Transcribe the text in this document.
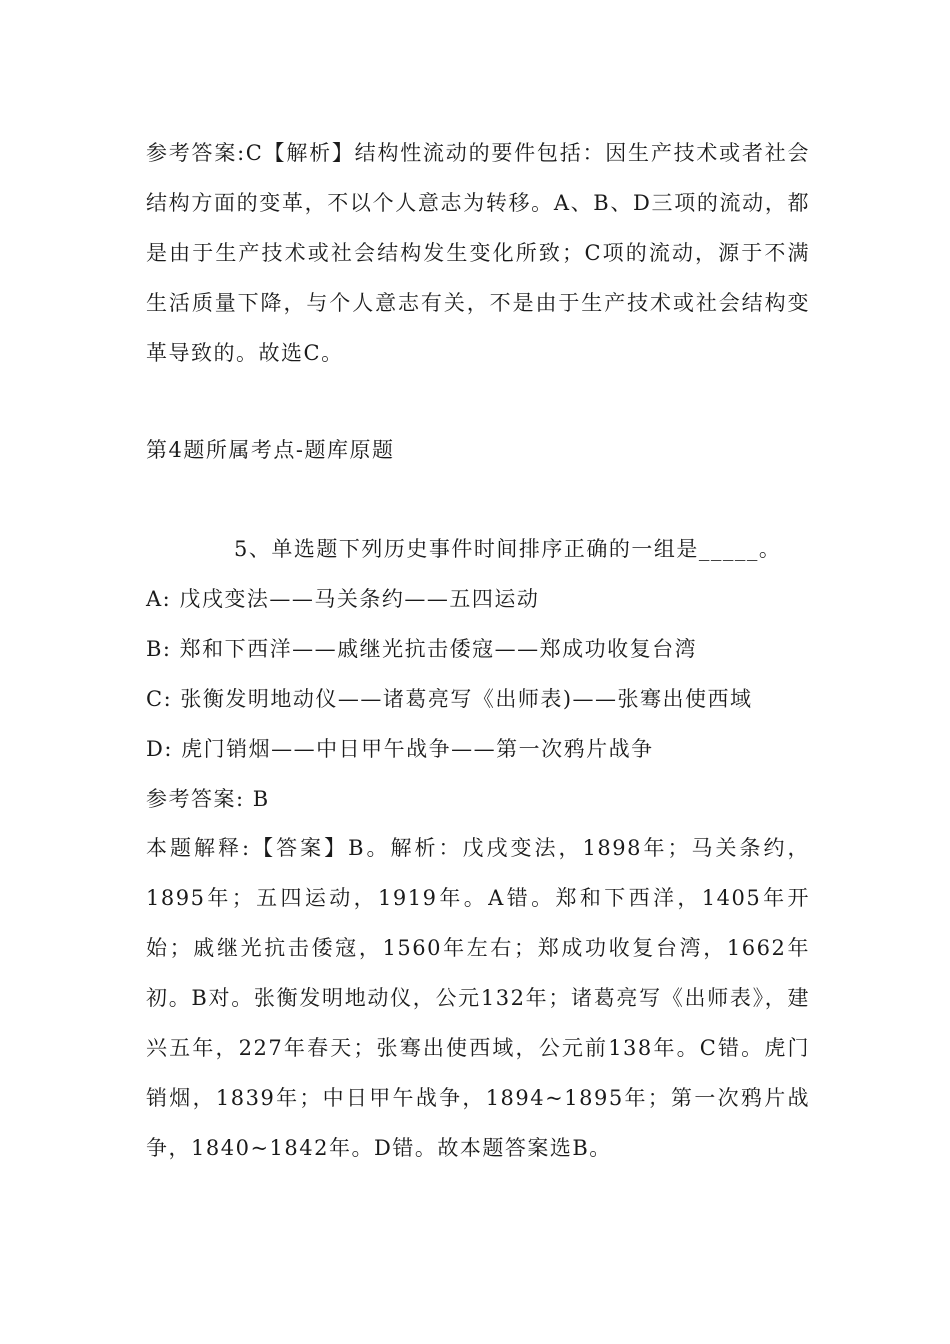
参考答案:C【解析】结构性流动的要件包括：因生产技术或者社会结构方面的变革，不以个人意志为转移。A、B、D三项的流动，都是由于生产技术或社会结构发生变化所致；C项的流动，源于不满生活质量下降，与个人意志有关，不是由于生产技术或社会结构变革导致的。故选C。
第4题所属考点-题库原题
5、单选题下列历史事件时间排序正确的一组是_____。
A: 戊戌变法——马关条约——五四运动
B: 郑和下西洋——戚继光抗击倭寇——郑成功收复台湾
C: 张衡发明地动仪——诸葛亮写《出师表)——张骞出使西域
D: 虎门销烟——中日甲午战争——第一次鸦片战争
参考答案: B
本题解释:【答案】B。解析：戊戌变法，1898年；马关条约，1895年；五四运动，1919年。A错。郑和下西洋，1405年开始；戚继光抗击倭寇，1560年左右；郑成功收复台湾，1662年初。B对。张衡发明地动仪，公元132年；诸葛亮写《出师表》，建兴五年，227年春天；张骞出使西域，公元前138年。C错。虎门销烟，1839年；中日甲午战争，1894~1895年；第一次鸦片战争，1840~1842年。D错。故本题答案选B。
